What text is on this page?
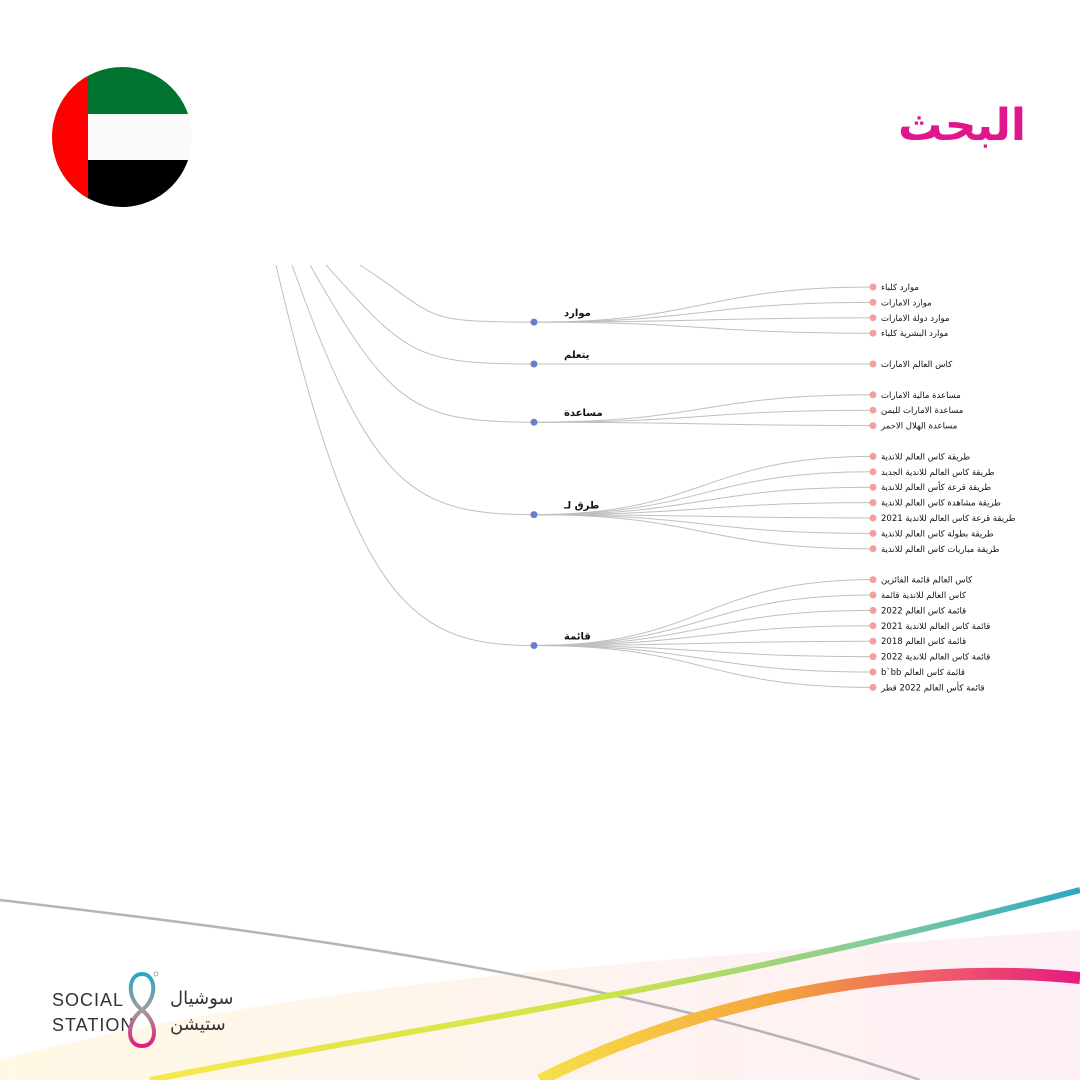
البحث
موارد
موارد كلباء
موارد الامارات
موارد دولة الامارات
موارد البشرية كلباء
يتعلم
كاس العالم الامارات
مساعدة
مساعدة مالية الامارات
مساعدة الامارات لليمن
مساعدة الهلال الاحمر
طرق لـ
طريقة كاس العالم للاندية
طريقة كاس العالم للاندية الجديد
طريقة قرعة كأس العالم للاندية
طريقة مشاهدة كاس العالم للاندية
طريقة قرعة كاس العالم للاندية 2021
طريقة بطولة كاس العالم للاندية
طريقة مباريات كاس العالم للاندية
قائمة
كاس العالم قائمة الفائزين
كاس العالم للاندية قائمة
قائمة كاس العالم 2022
قائمة كاس العالم للاندية 2021
قائمة كاس العالم 2018
قائمة كاس العالم للاندية 2022
b`bb قائمة كاس العالم
قائمة كأس العالم 2022 قطر
SOCIAL
STATION
سوشيال
ستيشن
